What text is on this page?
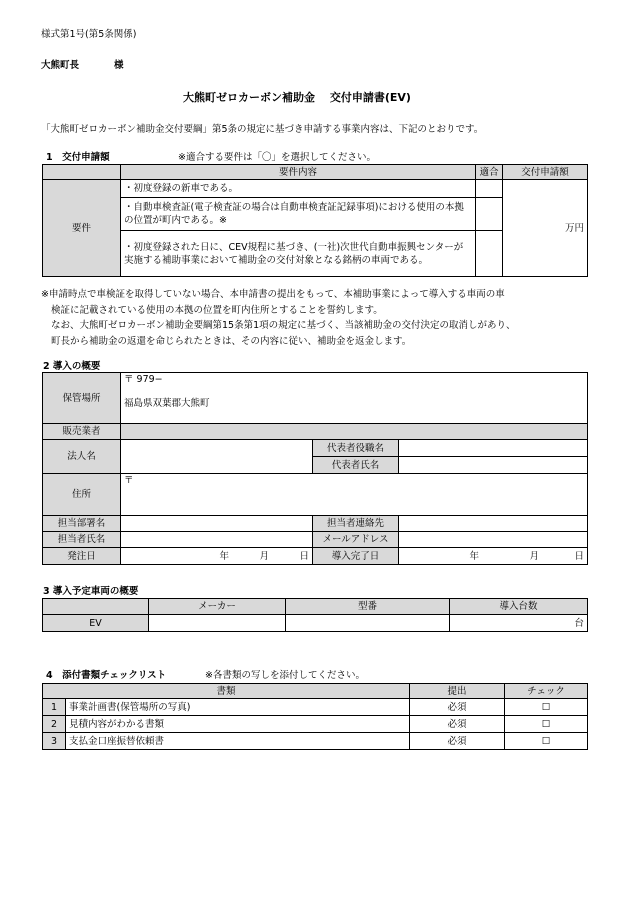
様式第1号(第5条関係)
大熊町長	様
大熊町ゼロカーボン補助金　 交付申請書(EV)
「大熊町ゼロカーボン補助金交付要綱」第5条の規定に基づき申請する事業内容は、下記のとおりです。
1　交付申請額	※適合する要件は「〇」を選択してください。
	要件内容	適合	交付申請額
要件	・初度登録の新車である。		万円
	・自動車検査証(電子検査証の場合は自動車検査証記録事項)における使用の本拠の位置が町内である。※		
	・初度登録された日に、CEV規程に基づき、(一社)次世代自動車振興センターが実施する補助事業において補助金の交付対象となる銘柄の車両である。		
※申請時点で車検証を取得していない場合、本申請書の提出をもって、本補助事業によって導入する車両の車
検証に記載されている使用の本拠の位置を町内住所とすることを誓約します。
なお、大熊町ゼロカーボン補助金要綱第15条第1項の規定に基づく、当該補助金の交付決定の取消しがあり、
町長から補助金の返還を命じられたときは、その内容に従い、補助金を返金します。
2 導入の概要
保管場所	〒 979−
福島県双葉郡大熊町		

販売業者			
法人名		代表者役職名	
		代表者氏名	
住所	〒		
担当部署名		担当者連絡先	
担当者氏名		メールアドレス	
発注日	年 月 日	導入完了日	年 月 日
3 導入予定車両の概要
	メーカー	型番	導入台数
EV			台
4　添付書類チェックリスト	※各書類の写しを添付してください。
書類		提出	チェック
1	事業計画書(保管場所の写真)	必須	☐
2	見積内容がわかる書類	必須	☐
3	支払金口座振替依頼書	必須	☐
